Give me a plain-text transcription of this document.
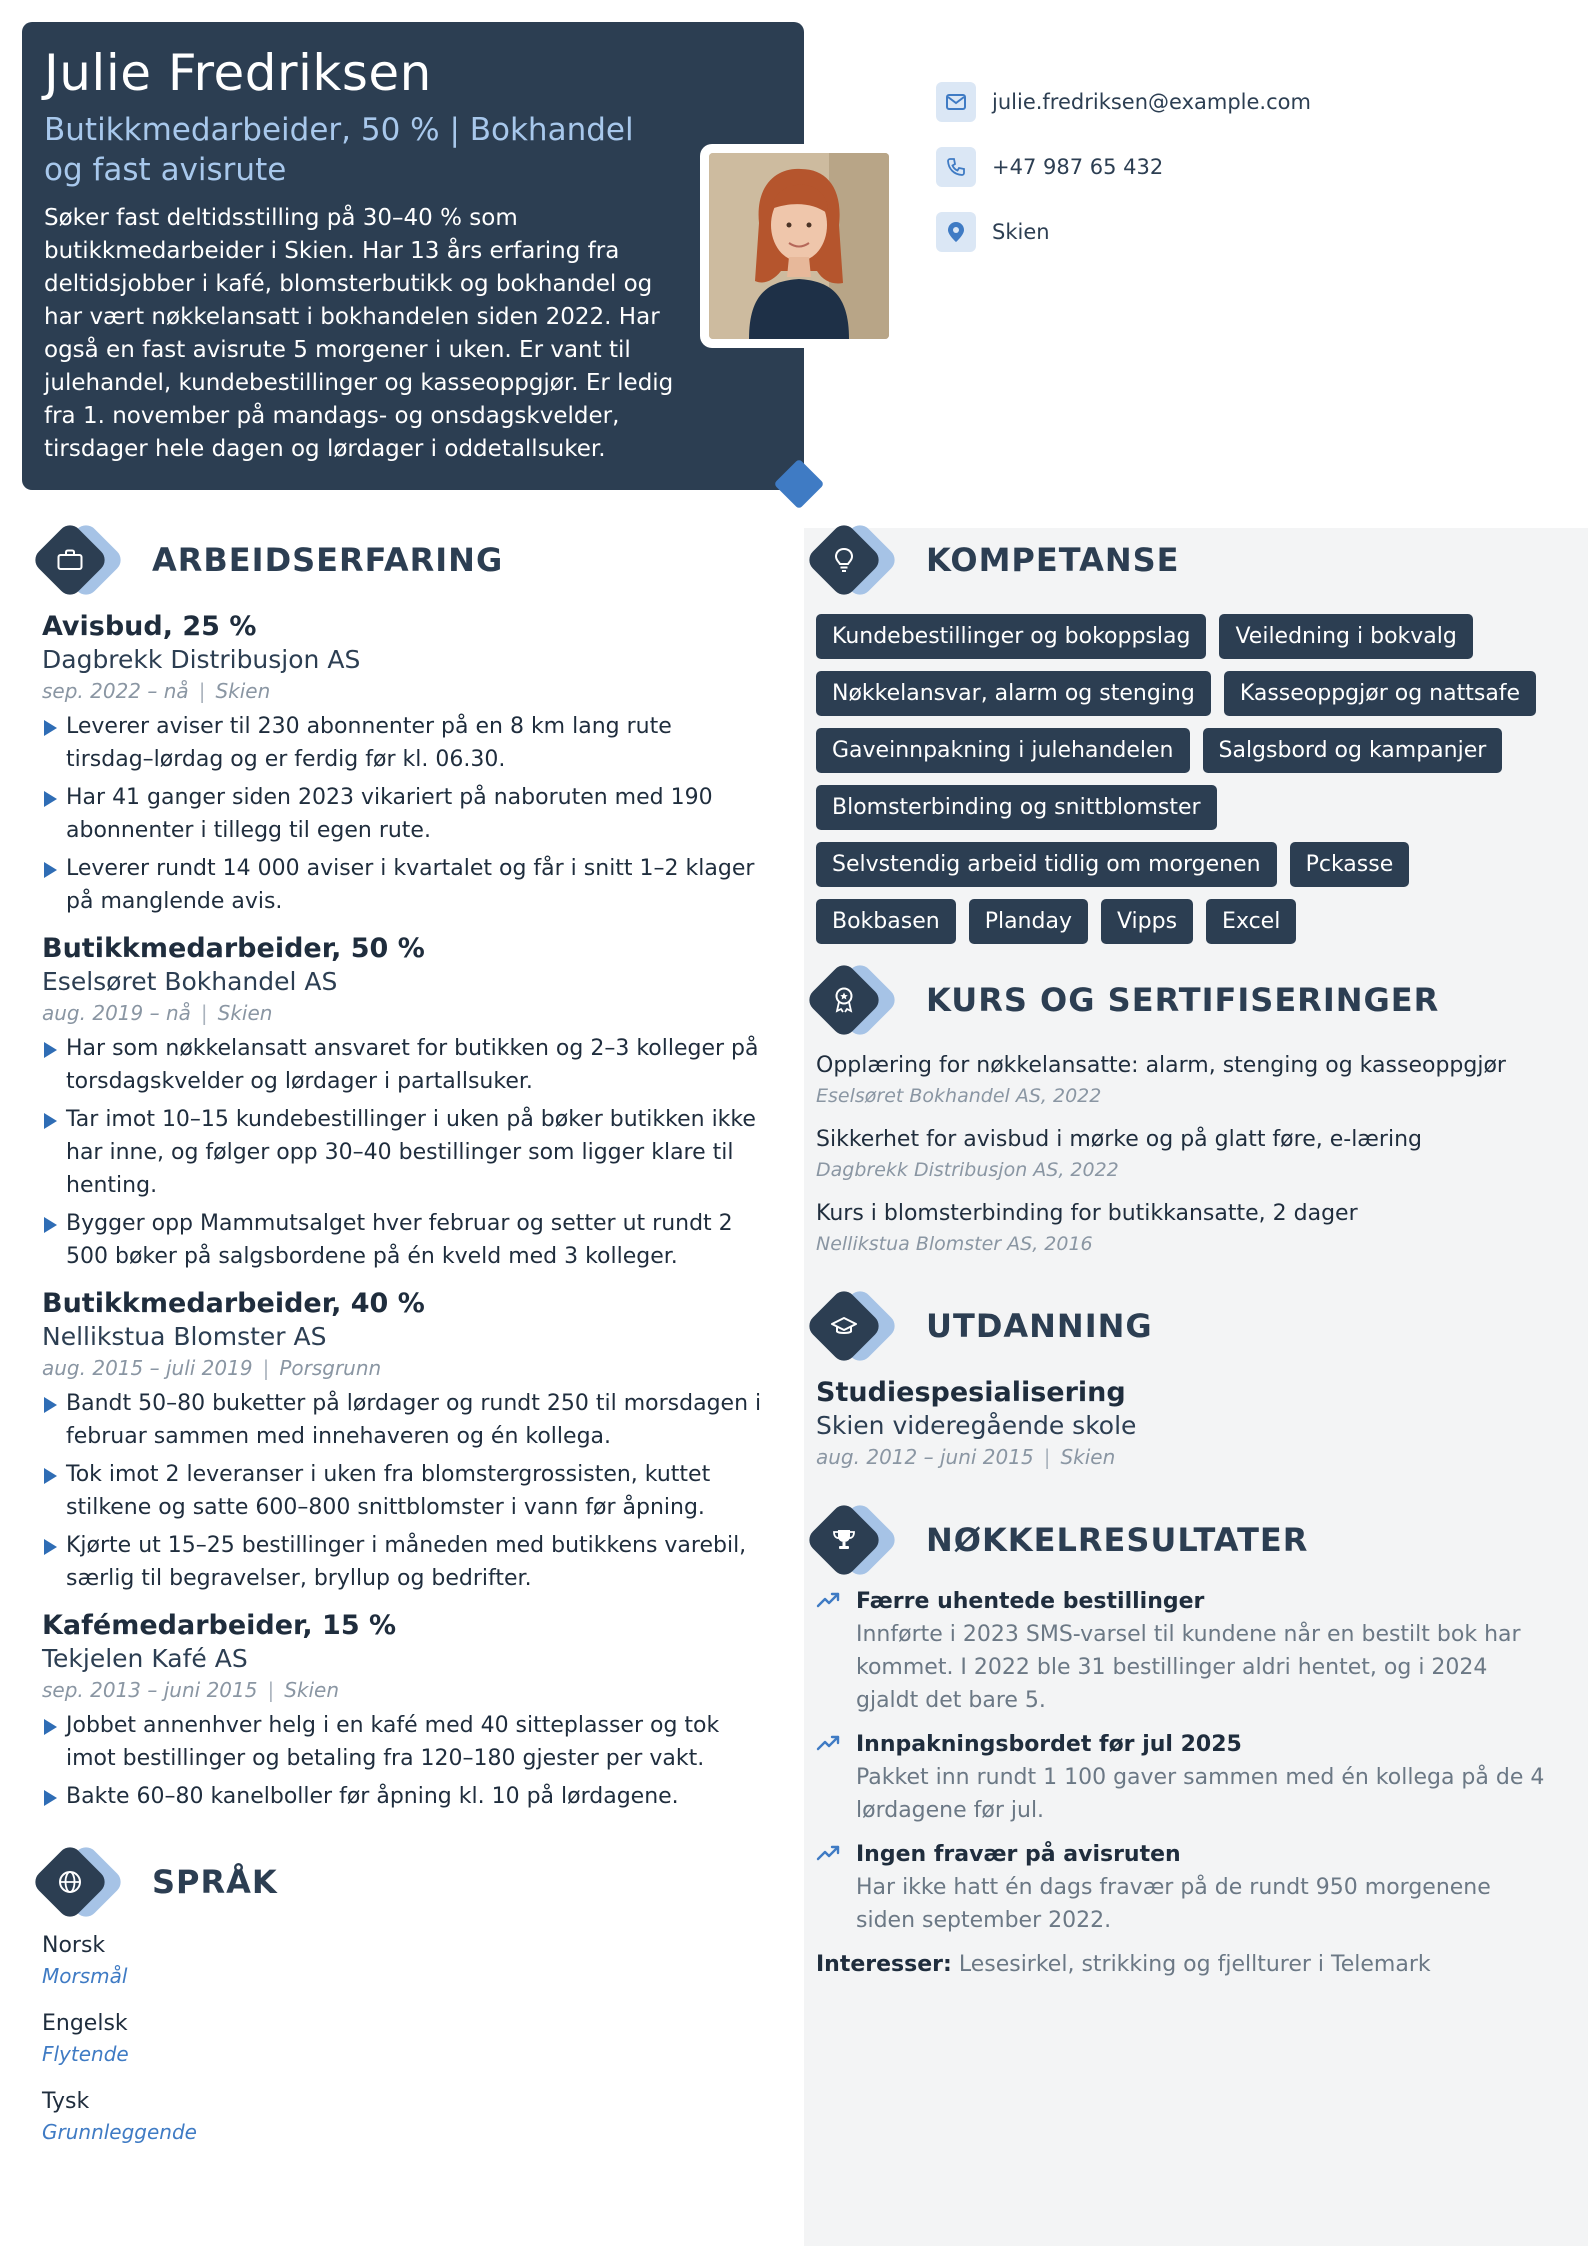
Julie Fredriksen
Butikkmedarbeider, 50 % | Bokhandel og fast avisrute

Søker fast deltidsstilling på 30–40 % som butikkmedarbeider i Skien. Har 13 års erfaring fra deltidsjobber i kafé, blomsterbutikk og bokhandel og har vært nøkkelansatt i bokhandelen siden 2022. Har også en fast avisrute 5 morgener i uken. Er vant til julehandel, kundebestillinger og kasseoppgjør. Er ledig fra 1. november på mandags- og onsdagskvelder, tirsdager hele dagen og lørdager i oddetallsuker.

julie.fredriksen@example.com
+47 987 65 432
Skien
ARBEIDSERFARING
Avisbud, 25 %
Dagbrekk Distribusjon AS
sep. 2022 – nå | Skien
Leverer aviser til 230 abonnenter på en 8 km lang rute tirsdag–lørdag og er ferdig før kl. 06.30.
Har 41 ganger siden 2023 vikariert på naboruten med 190 abonnenter i tillegg til egen rute.
Leverer rundt 14 000 aviser i kvartalet og får i snitt 1–2 klager på manglende avis.
Butikkmedarbeider, 50 %
Eselsøret Bokhandel AS
aug. 2019 – nå | Skien
Har som nøkkelansatt ansvaret for butikken og 2–3 kolleger på torsdagskvelder og lørdager i partallsuker.
Tar imot 10–15 kundebestillinger i uken på bøker butikken ikke har inne, og følger opp 30–40 bestillinger som ligger klare til henting.
Bygger opp Mammutsalget hver februar og setter ut rundt 2 500 bøker på salgsbordene på én kveld med 3 kolleger.
Butikkmedarbeider, 40 %
Nellikstua Blomster AS
aug. 2015 – juli 2019 | Porsgrunn
Bandt 50–80 buketter på lørdager og rundt 250 til morsdagen i februar sammen med innehaveren og én kollega.
Tok imot 2 leveranser i uken fra blomstergrossisten, kuttet stilkene og satte 600–800 snittblomster i vann før åpning.
Kjørte ut 15–25 bestillinger i måneden med butikkens varebil, særlig til begravelser, bryllup og bedrifter.
Kafémedarbeider, 15 %
Tekjelen Kafé AS
sep. 2013 – juni 2015 | Skien
Jobbet annenhver helg i en kafé med 40 sitteplasser og tok imot bestillinger og betaling fra 120–180 gjester per vakt.
Bakte 60–80 kanelboller før åpning kl. 10 på lørdagene.
SPRÅK
Norsk
Morsmål
Engelsk
Flytende
Tysk
Grunnleggende
KOMPETANSE
Kundebestillinger og bokoppslag	Veiledning i bokvalg
Nøkkelansvar, alarm og stenging	Kasseoppgjør og nattsafe
Gaveinnpakning i julehandelen	Salgsbord og kampanjer
Blomsterbinding og snittblomster
Selvstendig arbeid tidlig om morgenen	Pckasse
Bokbasen	Planday	Vipps	Excel
KURS OG SERTIFISERINGER
Opplæring for nøkkelansatte: alarm, stenging og kasseoppgjør
Eselsøret Bokhandel AS, 2022
Sikkerhet for avisbud i mørke og på glatt føre, e-læring
Dagbrekk Distribusjon AS, 2022
Kurs i blomsterbinding for butikkansatte, 2 dager
Nellikstua Blomster AS, 2016
UTDANNING
Studiespesialisering
Skien videregående skole
aug. 2012 – juni 2015 | Skien
NØKKELRESULTATER
Færre uhentede bestillinger
Innførte i 2023 SMS-varsel til kundene når en bestilt bok har kommet. I 2022 ble 31 bestillinger aldri hentet, og i 2024 gjaldt det bare 5.
Innpakningsbordet før jul 2025
Pakket inn rundt 1 100 gaver sammen med én kollega på de 4 lørdagene før jul.
Ingen fravær på avisruten
Har ikke hatt én dags fravær på de rundt 950 morgenene siden september 2022.
Interesser: Lesesirkel, strikking og fjellturer i Telemark
